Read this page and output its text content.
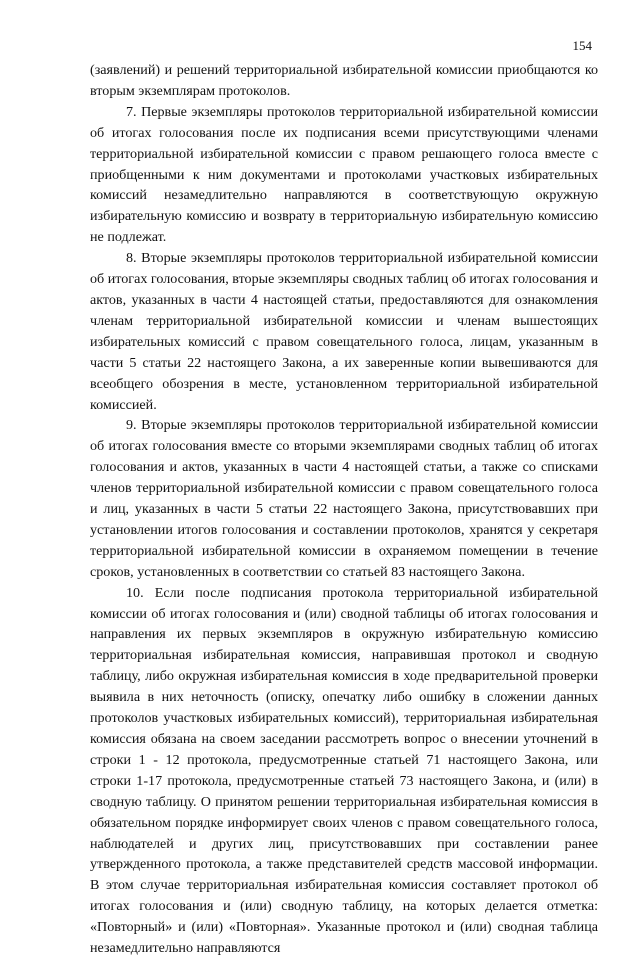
154

(заявлений) и решений территориальной избирательной комиссии приобщаются ко вторым экземплярам протоколов.

7. Первые экземпляры протоколов территориальной избирательной комиссии об итогах голосования после их подписания всеми присутствующими членами территориальной избирательной комиссии с правом решающего голоса вместе с приобщенными к ним документами и протоколами участковых избирательных комиссий незамедлительно направляются в соответствующую окружную избирательную комиссию и возврату в территориальную избирательную комиссию не подлежат.

8. Вторые экземпляры протоколов территориальной избирательной комиссии об итогах голосования, вторые экземпляры сводных таблиц об итогах голосования и актов, указанных в части 4 настоящей статьи, предоставляются для ознакомления членам территориальной избирательной комиссии и членам вышестоящих избирательных комиссий с правом совещательного голоса, лицам, указанным в части 5 статьи 22 настоящего Закона, а их заверенные копии вывешиваются для всеобщего обозрения в месте, установленном территориальной избирательной комиссией.

9. Вторые экземпляры протоколов территориальной избирательной комиссии об итогах голосования вместе со вторыми экземплярами сводных таблиц об итогах голосования и актов, указанных в части 4 настоящей статьи, а также со списками членов территориальной избирательной комиссии с правом совещательного голоса и лиц, указанных в части 5 статьи 22 настоящего Закона, присутствовавших при установлении итогов голосования и составлении протоколов, хранятся у секретаря территориальной избирательной комиссии в охраняемом помещении в течение сроков, установленных в соответствии со статьей 83 настоящего Закона.

10. Если после подписания протокола территориальной избирательной комиссии об итогах голосования и (или) сводной таблицы об итогах голосования и направления их первых экземпляров в окружную избирательную комиссию территориальная избирательная комиссия, направившая протокол и сводную таблицу, либо окружная избирательная комиссия в ходе предварительной проверки выявила в них неточность (описку, опечатку либо ошибку в сложении данных протоколов участковых избирательных комиссий), территориальная избирательная комиссия обязана на своем заседании рассмотреть вопрос о внесении уточнений в строки 1 - 12 протокола, предусмотренные статьей 71 настоящего Закона, или строки 1-17 протокола, предусмотренные статьей 73 настоящего Закона, и (или) в сводную таблицу. О принятом решении территориальная избирательная комиссия в обязательном порядке информирует своих членов с правом совещательного голоса, наблюдателей и других лиц, присутствовавших при составлении ранее утвержденного протокола, а также представителей средств массовой информации. В этом случае территориальная избирательная комиссия составляет протокол об итогах голосования и (или) сводную таблицу, на которых делается отметка: «Повторный» и (или) «Повторная». Указанные протокол и (или) сводная таблица незамедлительно направляются
